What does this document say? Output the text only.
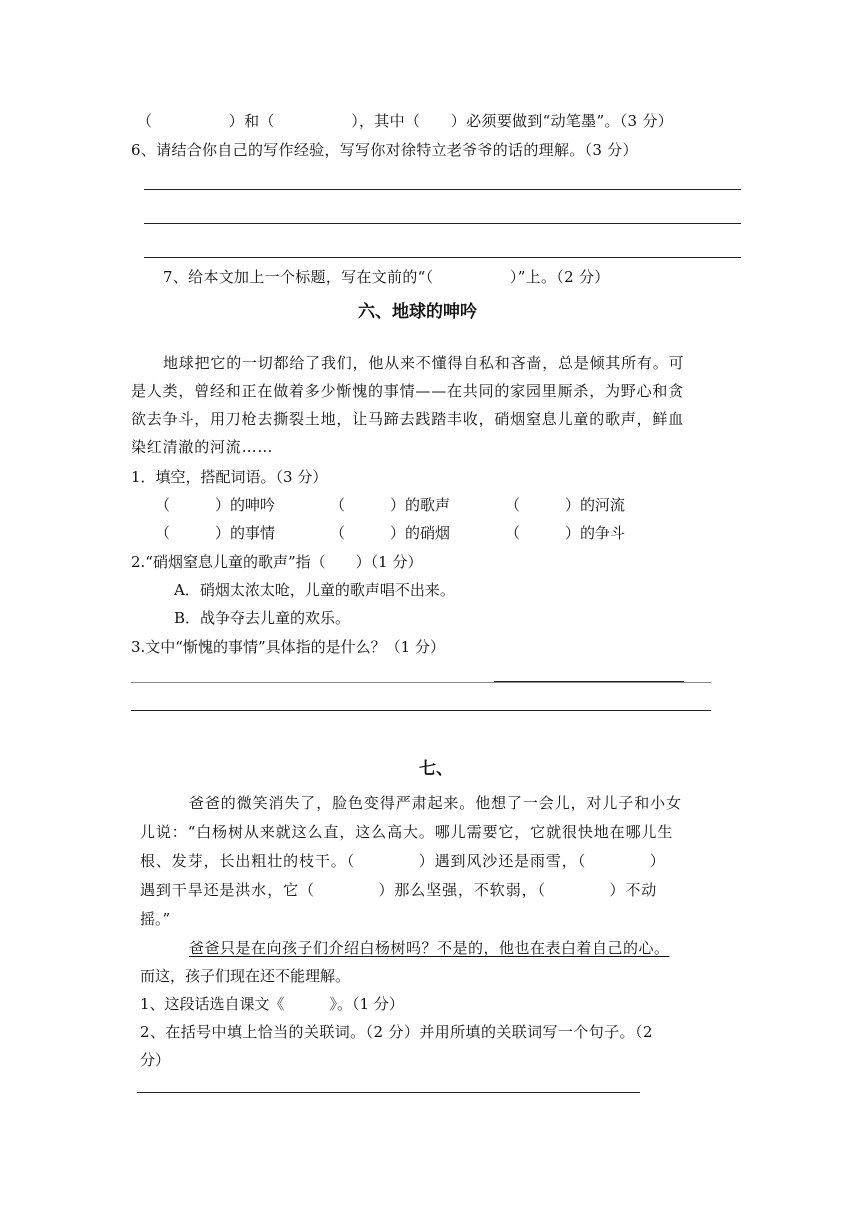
（　　　　　）和（　　　　　），其中（　　）必须要做到“动笔墨”。（3 分）
6、请结合你自己的写作经验，写写你对徐特立老爷爷的话的理解。（3 分）
7、给本文加上一个标题，写在文前的“（　　　　　）”上。（2 分）
六、地球的呻吟
地球把它的一切都给了我们，他从来不懂得自私和吝啬，总是倾其所有。可
是人类，曾经和正在做着多少惭愧的事情——在共同的家园里厮杀，为野心和贪
欲去争斗，用刀枪去撕裂土地，让马蹄去践踏丰收，硝烟窒息儿童的歌声，鲜血
染红清澈的河流……
1．填空，搭配词语。（3 分）
（　　　）的呻吟	（　　　）的歌声	（　　　）的河流
（　　　）的事情	（　　　）的硝烟	（　　　）的争斗
2.“硝烟窒息儿童的歌声”指（　　）（1 分）
A．硝烟太浓太呛，儿童的歌声唱不出来。
B．战争夺去儿童的欢乐。
3.文中“惭愧的事情”具体指的是什么？（1 分）
七、
爸爸的微笑消失了，脸色变得严肃起来。他想了一会儿，对儿子和小女
儿说：“白杨树从来就这么直，这么高大。哪儿需要它，它就很快地在哪儿生
根、发芽，长出粗壮的枝干。（　　　　）遇到风沙还是雨雪，（　　　　）
遇到干旱还是洪水，它（　　　　）那么坚强，不软弱，（　　　　）不动
摇。”
爸爸只是在向孩子们介绍白杨树吗？不是的，他也在表白着自己的心。
而这，孩子们现在还不能理解。
1、这段话选自课文《　　　》。（1 分）
2、在括号中填上恰当的关联词。（2 分）并用所填的关联词写一个句子。（2
分）
